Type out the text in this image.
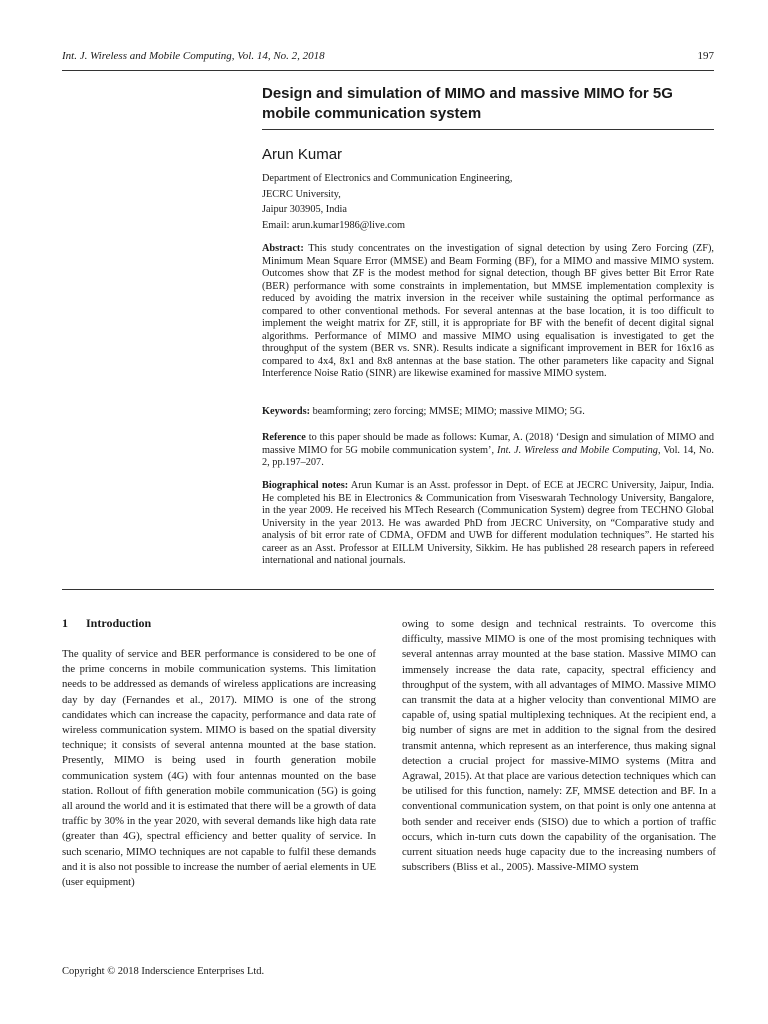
Int. J. Wireless and Mobile Computing, Vol. 14, No. 2, 2018	197
Design and simulation of MIMO and massive MIMO for 5G mobile communication system
Arun Kumar
Department of Electronics and Communication Engineering,
JECRC University,
Jaipur 303905, India
Email: arun.kumar1986@live.com

Abstract: This study concentrates on the investigation of signal detection by using Zero Forcing (ZF), Minimum Mean Square Error (MMSE) and Beam Forming (BF), for a MIMO and massive MIMO system. Outcomes show that ZF is the modest method for signal detection, though BF gives better Bit Error Rate (BER) performance with some constraints in implementation, but MMSE implementation complexity is reduced by avoiding the matrix inversion in the receiver while sustaining the optimal performance as compared to other conventional methods. For several antennas at the base location, it is too difficult to implement the weight matrix for ZF, still, it is appropriate for BF with the benefit of decent digital signal algorithms. Performance of MIMO and massive MIMO using equalisation is investigated to get the throughput of the system (BER vs. SNR). Results indicate a significant improvement in BER for 16x16 as compared to 4x4, 8x1 and 8x8 antennas at the base station. The other parameters like capacity and Signal Interference Noise Ratio (SINR) are likewise examined for massive MIMO system.

Keywords: beamforming; zero forcing; MMSE; MIMO; massive MIMO; 5G.

Reference to this paper should be made as follows: Kumar, A. (2018) ‘Design and simulation of MIMO and massive MIMO for 5G mobile communication system’, Int. J. Wireless and Mobile Computing, Vol. 14, No. 2, pp.197–207.

Biographical notes: Arun Kumar is an Asst. professor in Dept. of ECE at JECRC University, Jaipur, India. He completed his BE in Electronics & Communication from Viseswarah Technology University, Bangalore, in the year 2009. He received his MTech Research (Communication System) degree from TECHNO Global University in the year 2013. He was awarded PhD from JECRC University, on “Comparative study and analysis of bit error rate of CDMA, OFDM and UWB for different modulation techniques”. He started his career as an Asst. Professor at EILLM University, Sikkim. He has published 28 research papers in refereed international and national journals.

1 Introduction

The quality of service and BER performance is considered to be one of the prime concerns in mobile communication systems. This limitation needs to be addressed as demands of wireless applications are increasing day by day (Fernandes et al., 2017). MIMO is one of the strong candidates which can increase the capacity, performance and data rate of wireless communication system. MIMO is based on the spatial diversity technique; it consists of several antenna mounted at the base station. Presently, MIMO is being used in fourth generation mobile communication system (4G) with four antennas mounted on the base station. Rollout of fifth generation mobile communication (5G) is going all around the world and it is estimated that there will be a growth of data traffic by 30% in the year 2020, with several demands like high data rate (greater than 4G), spectral efficiency and better quality of service. In such scenario, MIMO techniques are not capable to fulfil these demands and it is also not possible to increase the number of aerial elements in UE (user equipment)

owing to some design and technical restraints. To overcome this difficulty, massive MIMO is one of the most promising techniques with several antennas array mounted at the base station. Massive MIMO can immensely increase the data rate, capacity, spectral efficiency and throughput of the system, with all advantages of MIMO. Massive MIMO can transmit the data at a higher velocity than conventional MIMO are capable of, using spatial multiplexing techniques. At the recipient end, a big number of signs are met in addition to the signal from the desired transmit antenna, which represent as an interference, thus making signal detection a crucial project for massive-MIMO systems (Mitra and Agrawal, 2015). At that place are various detection techniques which can be utilised for this function, namely: ZF, MMSE detection and BF. In a conventional communication system, on that point is only one antenna at both sender and receiver ends (SISO) due to which a portion of traffic occurs, which in-turn cuts down the capability of the organisation. The current situation needs huge capacity due to the increasing numbers of subscribers (Bliss et al., 2005). Massive-MIMO system

Copyright © 2018 Inderscience Enterprises Ltd.
